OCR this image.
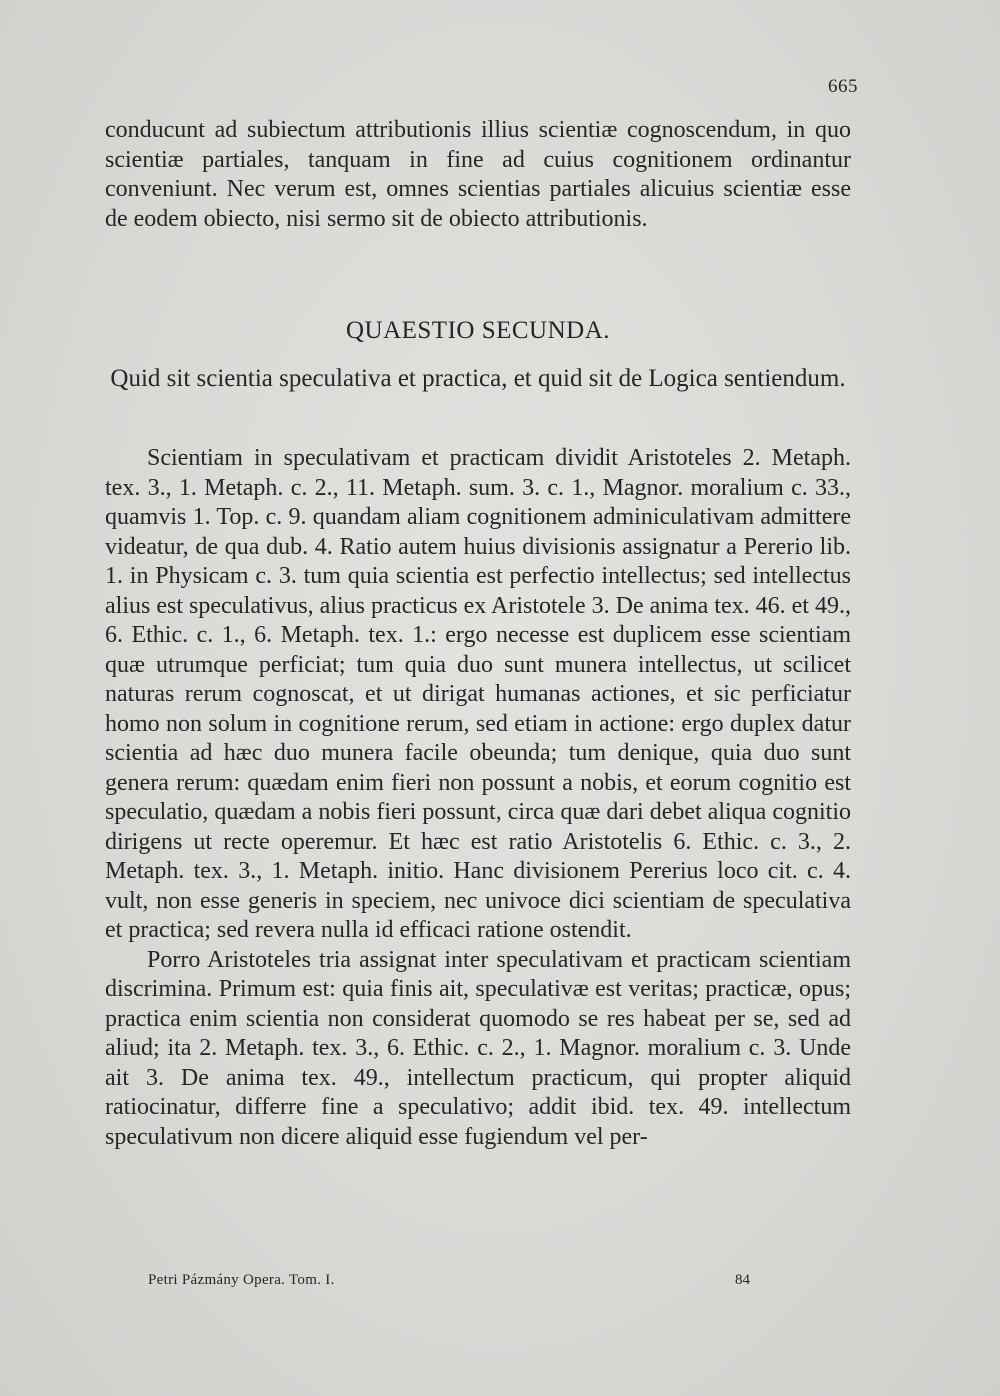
665

conducunt ad subiectum attributionis illius scientiæ cognoscendum, in quo scientiæ partiales, tanquam in fine ad cuius cognitionem ordinantur conveniunt. Nec verum est, omnes scientias partiales alicuius scientiæ esse de eodem obiecto, nisi sermo sit de obiecto attributionis.

QUAESTIO SECUNDA.
Quid sit scientia speculativa et practica, et quid sit de Logica sentiendum.

Scientiam in speculativam et practicam dividit Aristoteles 2. Metaph. tex. 3., 1. Metaph. c. 2., 11. Metaph. sum. 3. c. 1., Magnor. moralium c. 33., quamvis 1. Top. c. 9. quandam aliam cognitionem adminiculativam admittere videatur, de qua dub. 4. Ratio autem huius divisionis assignatur a Pererio lib. 1. in Physicam c. 3. tum quia scientia est perfectio intellectus; sed intellectus alius est speculativus, alius practicus ex Aristotele 3. De anima tex. 46. et 49., 6. Ethic. c. 1., 6. Metaph. tex. 1.: ergo necesse est duplicem esse scientiam quæ utrumque perficiat; tum quia duo sunt munera intellectus, ut scilicet naturas rerum cognoscat, et ut dirigat humanas actiones, et sic perficiatur homo non solum in cognitione rerum, sed etiam in actione: ergo duplex datur scientia ad hæc duo munera facile obeunda; tum denique, quia duo sunt genera rerum: quædam enim fieri non possunt a nobis, et eorum cognitio est speculatio, quædam a nobis fieri possunt, circa quæ dari debet aliqua cognitio dirigens ut recte operemur. Et hæc est ratio Aristotelis 6. Ethic. c. 3., 2. Metaph. tex. 3., 1. Metaph. initio. Hanc divisionem Pererius loco cit. c. 4. vult, non esse generis in speciem, nec univoce dici scientiam de speculativa et practica; sed revera nulla id efficaci ratione ostendit.

Porro Aristoteles tria assignat inter speculativam et practicam scientiam discrimina. Primum est: quia finis ait, speculativæ est veritas; practicæ, opus; practica enim scientia non considerat quomodo se res habeat per se, sed ad aliud; ita 2. Metaph. tex. 3., 6. Ethic. c. 2., 1. Magnor. moralium c. 3. Unde ait 3. De anima tex. 49., intellectum practicum, qui propter aliquid ratiocinatur, differre fine a speculativo; addit ibid. tex. 49. intellectum speculativum non dicere aliquid esse fugiendum vel per-

Petri Pázmány Opera. Tom. I.	84
